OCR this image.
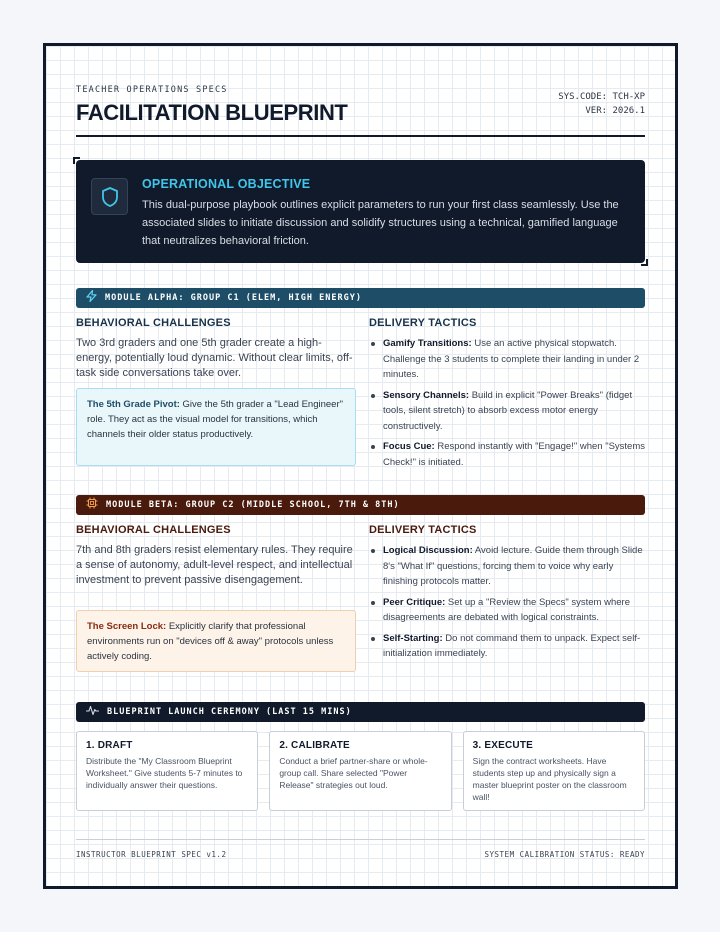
TEACHER OPERATIONS SPECS
FACILITATION BLUEPRINT
SYS.CODE: TCH-XP
VER: 2026.1
OPERATIONAL OBJECTIVE
This dual-purpose playbook outlines explicit parameters to run your first class seamlessly. Use the associated slides to initiate discussion and solidify structures using a technical, gamified language that neutralizes behavioral friction.
MODULE ALPHA: GROUP C1 (ELEM, HIGH ENERGY)
BEHAVIORAL CHALLENGES
Two 3rd graders and one 5th grader create a high-energy, potentially loud dynamic. Without clear limits, off-task side conversations take over.
The 5th Grade Pivot: Give the 5th grader a "Lead Engineer" role. They act as the visual model for transitions, which channels their older status productively.
DELIVERY TACTICS
Gamify Transitions: Use an active physical stopwatch. Challenge the 3 students to complete their landing in under 2 minutes.
Sensory Channels: Build in explicit "Power Breaks" (fidget tools, silent stretch) to absorb excess motor energy constructively.
Focus Cue: Respond instantly with "Engage!" when "Systems Check!" is initiated.
MODULE BETA: GROUP C2 (MIDDLE SCHOOL, 7TH & 8TH)
BEHAVIORAL CHALLENGES
7th and 8th graders resist elementary rules. They require a sense of autonomy, adult-level respect, and intellectual investment to prevent passive disengagement.
The Screen Lock: Explicitly clarify that professional environments run on "devices off & away" protocols unless actively coding.
DELIVERY TACTICS
Logical Discussion: Avoid lecture. Guide them through Slide 8's "What If" questions, forcing them to voice why early finishing protocols matter.
Peer Critique: Set up a "Review the Specs" system where disagreements are debated with logical constraints.
Self-Starting: Do not command them to unpack. Expect self-initialization immediately.
BLUEPRINT LAUNCH CEREMONY (LAST 15 MINS)
1. DRAFT
Distribute the "My Classroom Blueprint Worksheet." Give students 5-7 minutes to individually answer their questions.
2. CALIBRATE
Conduct a brief partner-share or whole-group call. Share selected "Power Release" strategies out loud.
3. EXECUTE
Sign the contract worksheets. Have students step up and physically sign a master blueprint poster on the classroom wall!
INSTRUCTOR BLUEPRINT SPEC v1.2	SYSTEM CALIBRATION STATUS: READY
